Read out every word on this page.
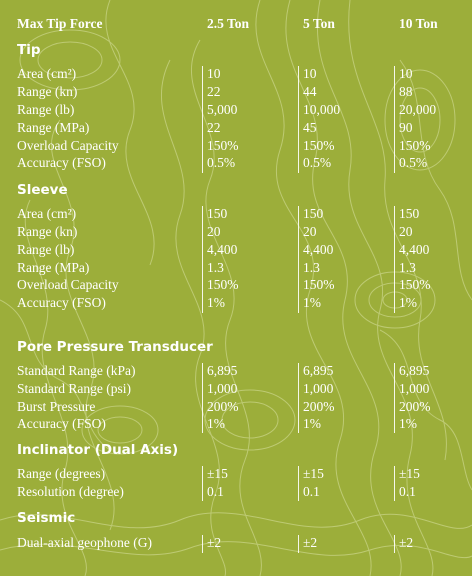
Max Tip Force	2.5 Ton	5 Ton	10 Ton
Tip
Area (cm²)	10	10	10
Range (kn)	22	44	88
Range (lb)	5,000	10,000	20,000
Range (MPa)	22	45	90
Overload Capacity	150%	150%	150%
Accuracy (FSO)	0.5%	0.5%	0.5%
Sleeve
Area (cm²)	150	150	150
Range (kn)	20	20	20
Range (lb)	4,400	4,400	4,400
Range (MPa)	1.3	1.3	1.3
Overload Capacity	150%	150%	150%
Accuracy (FSO)	1%	1%	1%
Pore Pressure Transducer
Standard Range (kPa)	6,895	6,895	6,895
Standard Range (psi)	1,000	1,000	1,000
Burst Pressure	200%	200%	200%
Accuracy (FSO)	1%	1%	1%
Inclinator (Dual Axis)
Range (degrees)	±15	±15	±15
Resolution (degree)	0.1	0.1	0.1
Seismic
Dual-axial geophone (G)	±2	±2	±2
